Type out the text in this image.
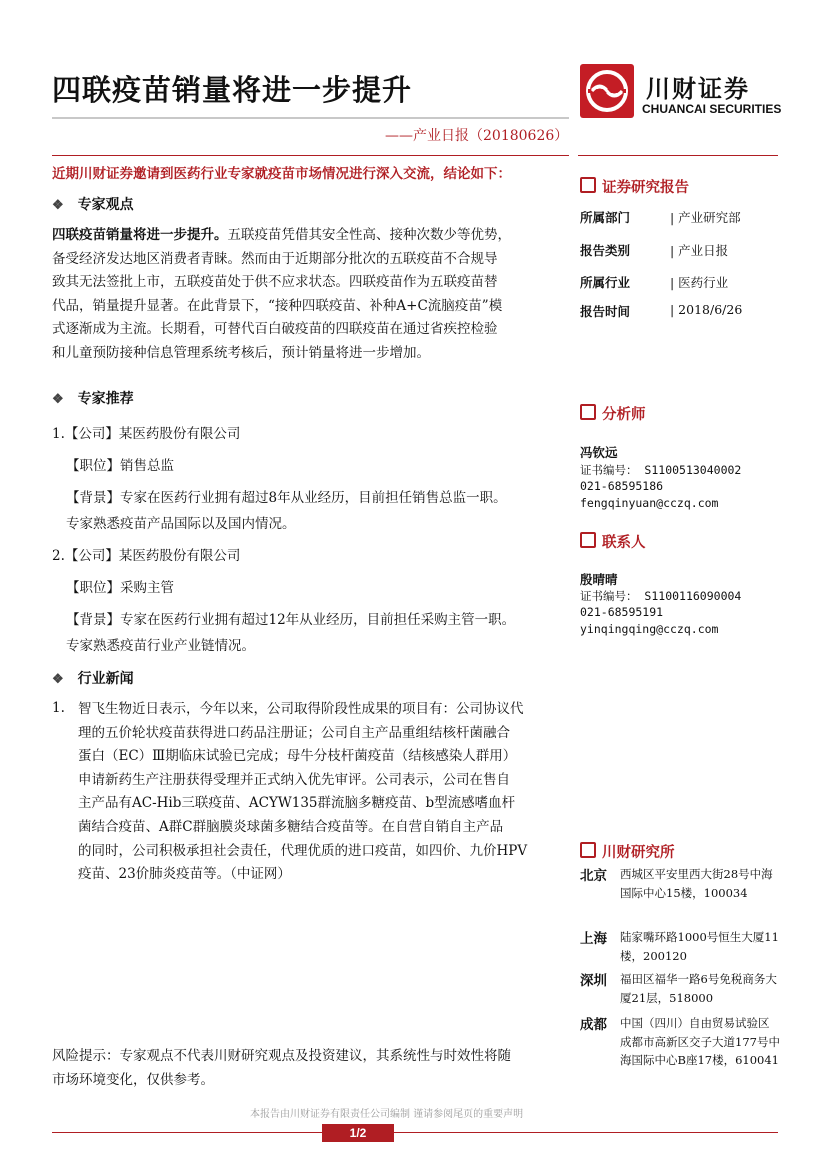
四联疫苗销量将进一步提升
——产业日报（20180626）
川财证券
CHUANCAI SECURITIES
近期川财证券邀请到医药行业专家就疫苗市场情况进行深入交流，结论如下：
❖ 专家观点
四联疫苗销量将进一步提升。五联疫苗凭借其安全性高、接种次数少等优势，
备受经济发达地区消费者青睐。然而由于近期部分批次的五联疫苗不合规导
致其无法签批上市，五联疫苗处于供不应求状态。四联疫苗作为五联疫苗替
代品，销量提升显著。在此背景下，“接种四联疫苗、补种A+C流脑疫苗”模
式逐渐成为主流。长期看，可替代百白破疫苗的四联疫苗在通过省疾控检验
和儿童预防接种信息管理系统考核后，预计销量将进一步增加。
❖ 专家推荐
1.【公司】某医药股份有限公司
【职位】销售总监
【背景】专家在医药行业拥有超过8年从业经历，目前担任销售总监一职。
专家熟悉疫苗产品国际以及国内情况。
2.【公司】某医药股份有限公司
【职位】采购主管
【背景】专家在医药行业拥有超过12年从业经历，目前担任采购主管一职。
专家熟悉疫苗行业产业链情况。
❖ 行业新闻
1. 智飞生物近日表示，今年以来，公司取得阶段性成果的项目有：公司协议代
理的五价轮状疫苗获得进口药品注册证；公司自主产品重组结核杆菌融合
蛋白（EC）Ⅲ期临床试验已完成；母牛分枝杆菌疫苗（结核感染人群用）
申请新药生产注册获得受理并正式纳入优先审评。公司表示，公司在售自
主产品有AC-Hib三联疫苗、ACYW135群流脑多糖疫苗、b型流感嗜血杆
菌结合疫苗、A群C群脑膜炎球菌多糖结合疫苗等。在自营自销自主产品
的同时，公司积极承担社会责任，代理优质的进口疫苗，如四价、九价HPV
疫苗、23价肺炎疫苗等。（中证网）
风险提示：专家观点不代表川财研究观点及投资建议，其系统性与时效性将随
市场环境变化，仅供参考。
证券研究报告
所属部门	| 产业研究部
报告类别	| 产业日报
所属行业	| 医药行业
报告时间	| 2018/6/26
分析师
冯钦远
证书编号： S1100513040002
021-68595186
fengqinyuan@cczq.com
联系人
殷晴晴
证书编号： S1100116090004
021-68595191
yinqingqing@cczq.com
川财研究所
北京 西城区平安里西大街28号中海国际中心15楼，100034
上海 陆家嘴环路1000号恒生大厦11楼，200120
深圳 福田区福华一路6号免税商务大厦21层，518000
成都 中国（四川）自由贸易试验区成都市高新区交子大道177号中海国际中心B座17楼，610041
本报告由川财证券有限责任公司编制 谨请参阅尾页的重要声明
1/2
